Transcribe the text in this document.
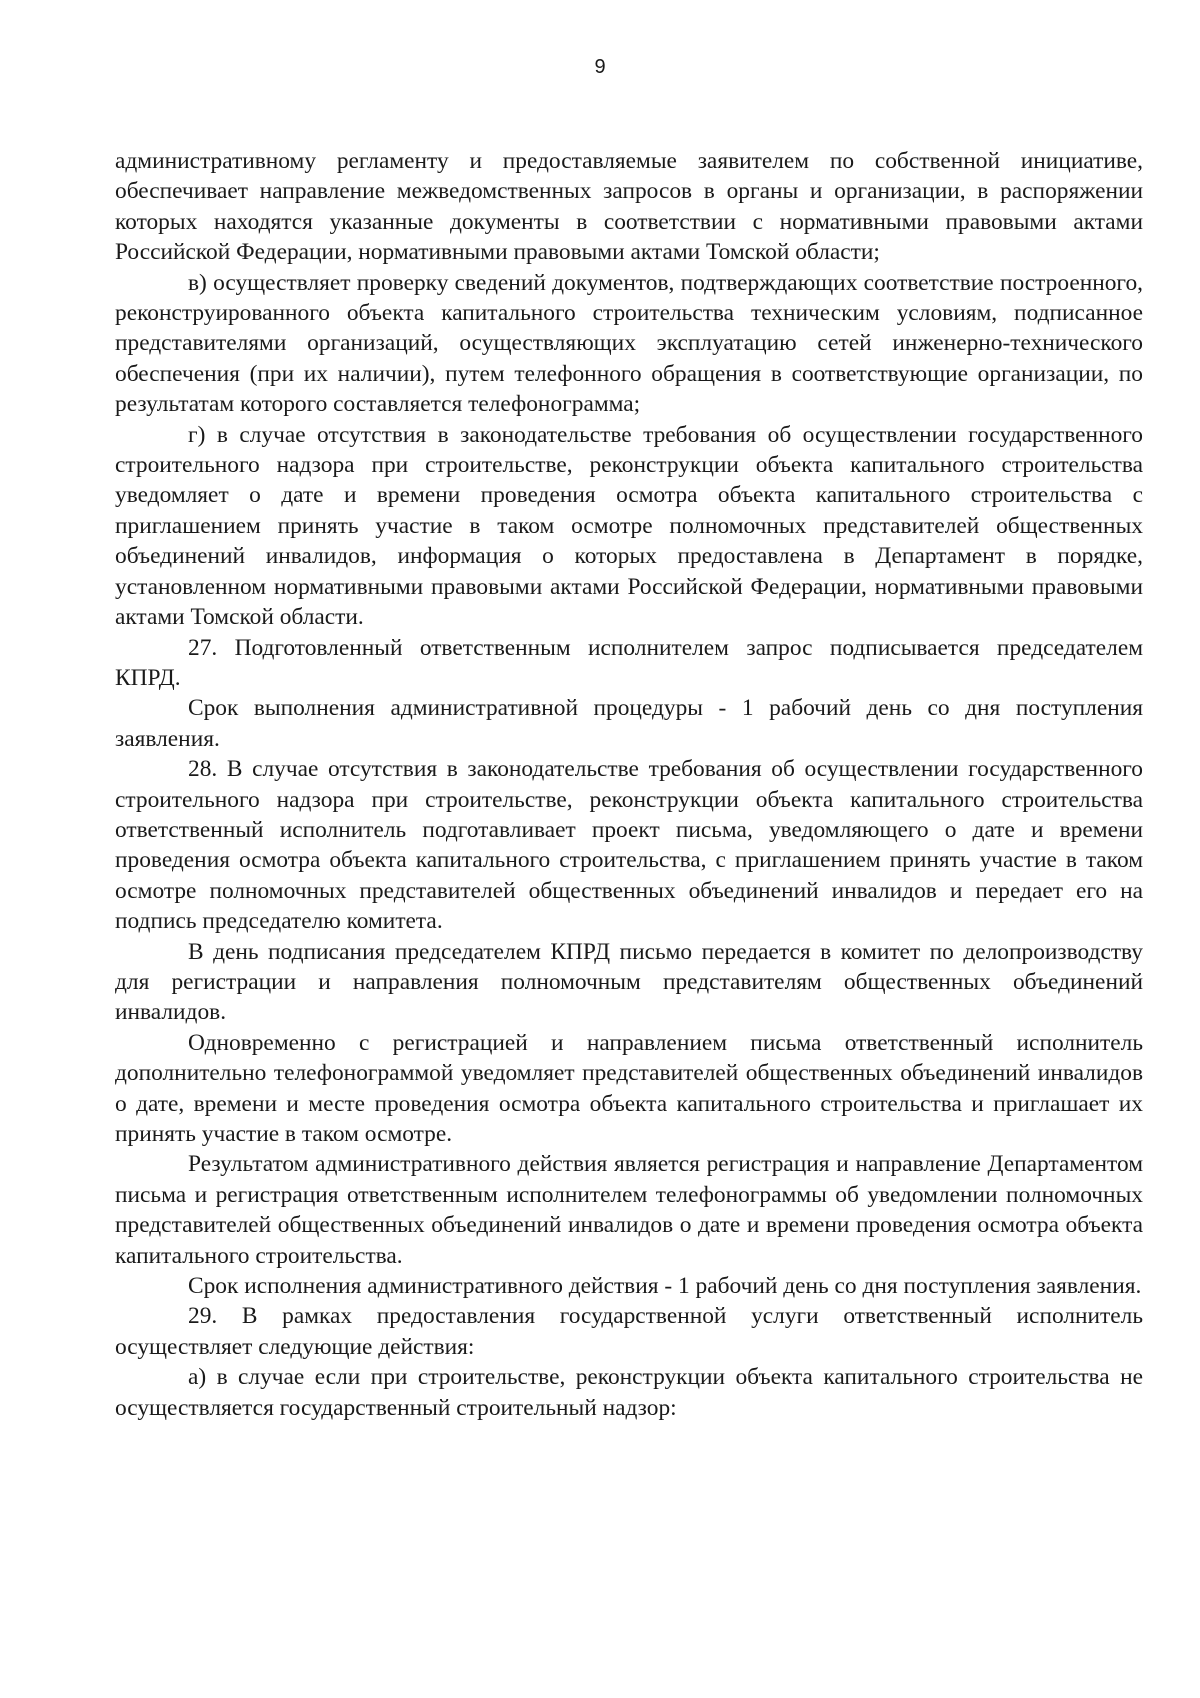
9

административному регламенту и предоставляемые заявителем по собственной инициативе, обеспечивает направление межведомственных запросов в органы и организации, в распоряжении которых находятся указанные документы в соответствии с нормативными правовыми актами Российской Федерации, нормативными правовыми актами Томской области;

в) осуществляет проверку сведений документов, подтверждающих соответствие построенного, реконструированного объекта капитального строительства техническим условиям, подписанное представителями организаций, осуществляющих эксплуатацию сетей инженерно-технического обеспечения (при их наличии), путем телефонного обращения в соответствующие организации, по результатам которого составляется телефонограмма;

г) в случае отсутствия в законодательстве требования об осуществлении государственного строительного надзора при строительстве, реконструкции объекта капитального строительства уведомляет о дате и времени проведения осмотра объекта капитального строительства с приглашением принять участие в таком осмотре полномочных представителей общественных объединений инвалидов, информация о которых предоставлена в Департамент в порядке, установленном нормативными правовыми актами Российской Федерации, нормативными правовыми актами Томской области.

27. Подготовленный ответственным исполнителем запрос подписывается председателем КПРД.

Срок выполнения административной процедуры - 1 рабочий день со дня поступления заявления.

28. В случае отсутствия в законодательстве требования об осуществлении государственного строительного надзора при строительстве, реконструкции объекта капитального строительства ответственный исполнитель подготавливает проект письма, уведомляющего о дате и времени проведения осмотра объекта капитального строительства, с приглашением принять участие в таком осмотре полномочных представителей общественных объединений инвалидов и передает его на подпись председателю комитета.

В день подписания председателем КПРД письмо передается в комитет по делопроизводству для регистрации и направления полномочным представителям общественных объединений инвалидов.

Одновременно с регистрацией и направлением письма ответственный исполнитель дополнительно телефонограммой уведомляет представителей общественных объединений инвалидов о дате, времени и месте проведения осмотра объекта капитального строительства и приглашает их принять участие в таком осмотре.

Результатом административного действия является регистрация и направление Департаментом письма и регистрация ответственным исполнителем телефонограммы об уведомлении полномочных представителей общественных объединений инвалидов о дате и времени проведения осмотра объекта капитального строительства.

Срок исполнения административного действия - 1 рабочий день со дня поступления заявления.

29. В рамках предоставления государственной услуги ответственный исполнитель осуществляет следующие действия:

а) в случае если при строительстве, реконструкции объекта капитального строительства не осуществляется государственный строительный надзор:
